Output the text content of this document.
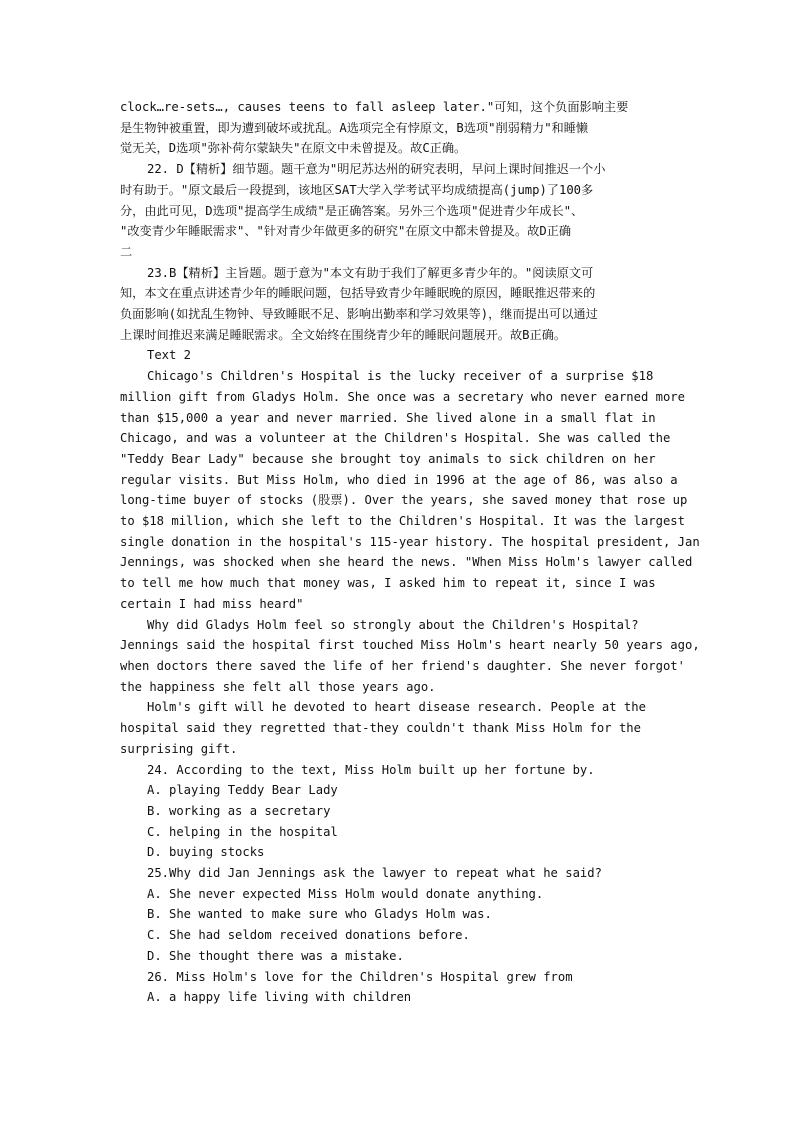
clock…re-sets…, causes teens to fall asleep later."可知，这个负面影响主要
是生物钟被重置，即为遭到破坏或扰乱。A选项完全有悖原文，B选项"削弱精力"和睡懒
觉无关，D选项"弥补荷尔蒙缺失"在原文中未曾提及。故C正确。
22. D【精析】细节题。题干意为"明尼苏达州的研究表明，早问上课时间推迟一个小
时有助于。"原文最后一段提到，该地区SAT大学入学考试平均成绩提高(jump)了100多
分，由此可见，D选项"提高学生成绩"是正确答案。另外三个选项"促进青少年成长"、
"改变青少年睡眠需求"、"针对青少年做更多的研究"在原文中都未曾提及。故D正确
二
23.B【精析】主旨题。题于意为"本文有助于我们了解更多青少年的。"阅读原文可
知，本文在重点讲述青少年的睡眠问题，包括导致青少年睡眠晚的原因，睡眠推迟带来的
负面影响(如扰乱生物钟、导致睡眠不足、影响出勤率和学习效果等)，继而提出可以通过
上课时间推迟来满足睡眠需求。全文始终在围绕青少年的睡眠问题展开。故B正确。
Text 2
Chicago's Children's Hospital is the lucky receiver of a surprise $18
million gift from Gladys Holm. She once was a secretary who never earned more
than $15,000 a year and never married. She lived alone in a small flat in
Chicago, and was a volunteer at the Children's Hospital. She was called the
"Teddy Bear Lady" because she brought toy animals to sick children on her
regular visits. But Miss Holm, who died in 1996 at the age of 86, was also a
long-time buyer of stocks (股票). Over the years, she saved money that rose up
to $18 million, which she left to the Children's Hospital. It was the largest
single donation in the hospital's 115-year history. The hospital president, Jan
Jennings, was shocked when she heard the news. "When Miss Holm's lawyer called
to tell me how much that money was, I asked him to repeat it, since I was
certain I had miss heard"
Why did Gladys Holm feel so strongly about the Children's Hospital?
Jennings said the hospital first touched Miss Holm's heart nearly 50 years ago,
when doctors there saved the life of her friend's daughter. She never forgot'
the happiness she felt all those years ago.
Holm's gift will he devoted to heart disease research. People at the
hospital said they regretted that-they couldn't thank Miss Holm for the
surprising gift.
24. According to the text, Miss Holm built up her fortune by.
A. playing Teddy Bear Lady
B. working as a secretary
C. helping in the hospital
D. buying stocks
25.Why did Jan Jennings ask the lawyer to repeat what he said?
A. She never expected Miss Holm would donate anything.
B. She wanted to make sure who Gladys Holm was.
C. She had seldom received donations before.
D. She thought there was a mistake.
26. Miss Holm's love for the Children's Hospital grew from
A. a happy life living with children
